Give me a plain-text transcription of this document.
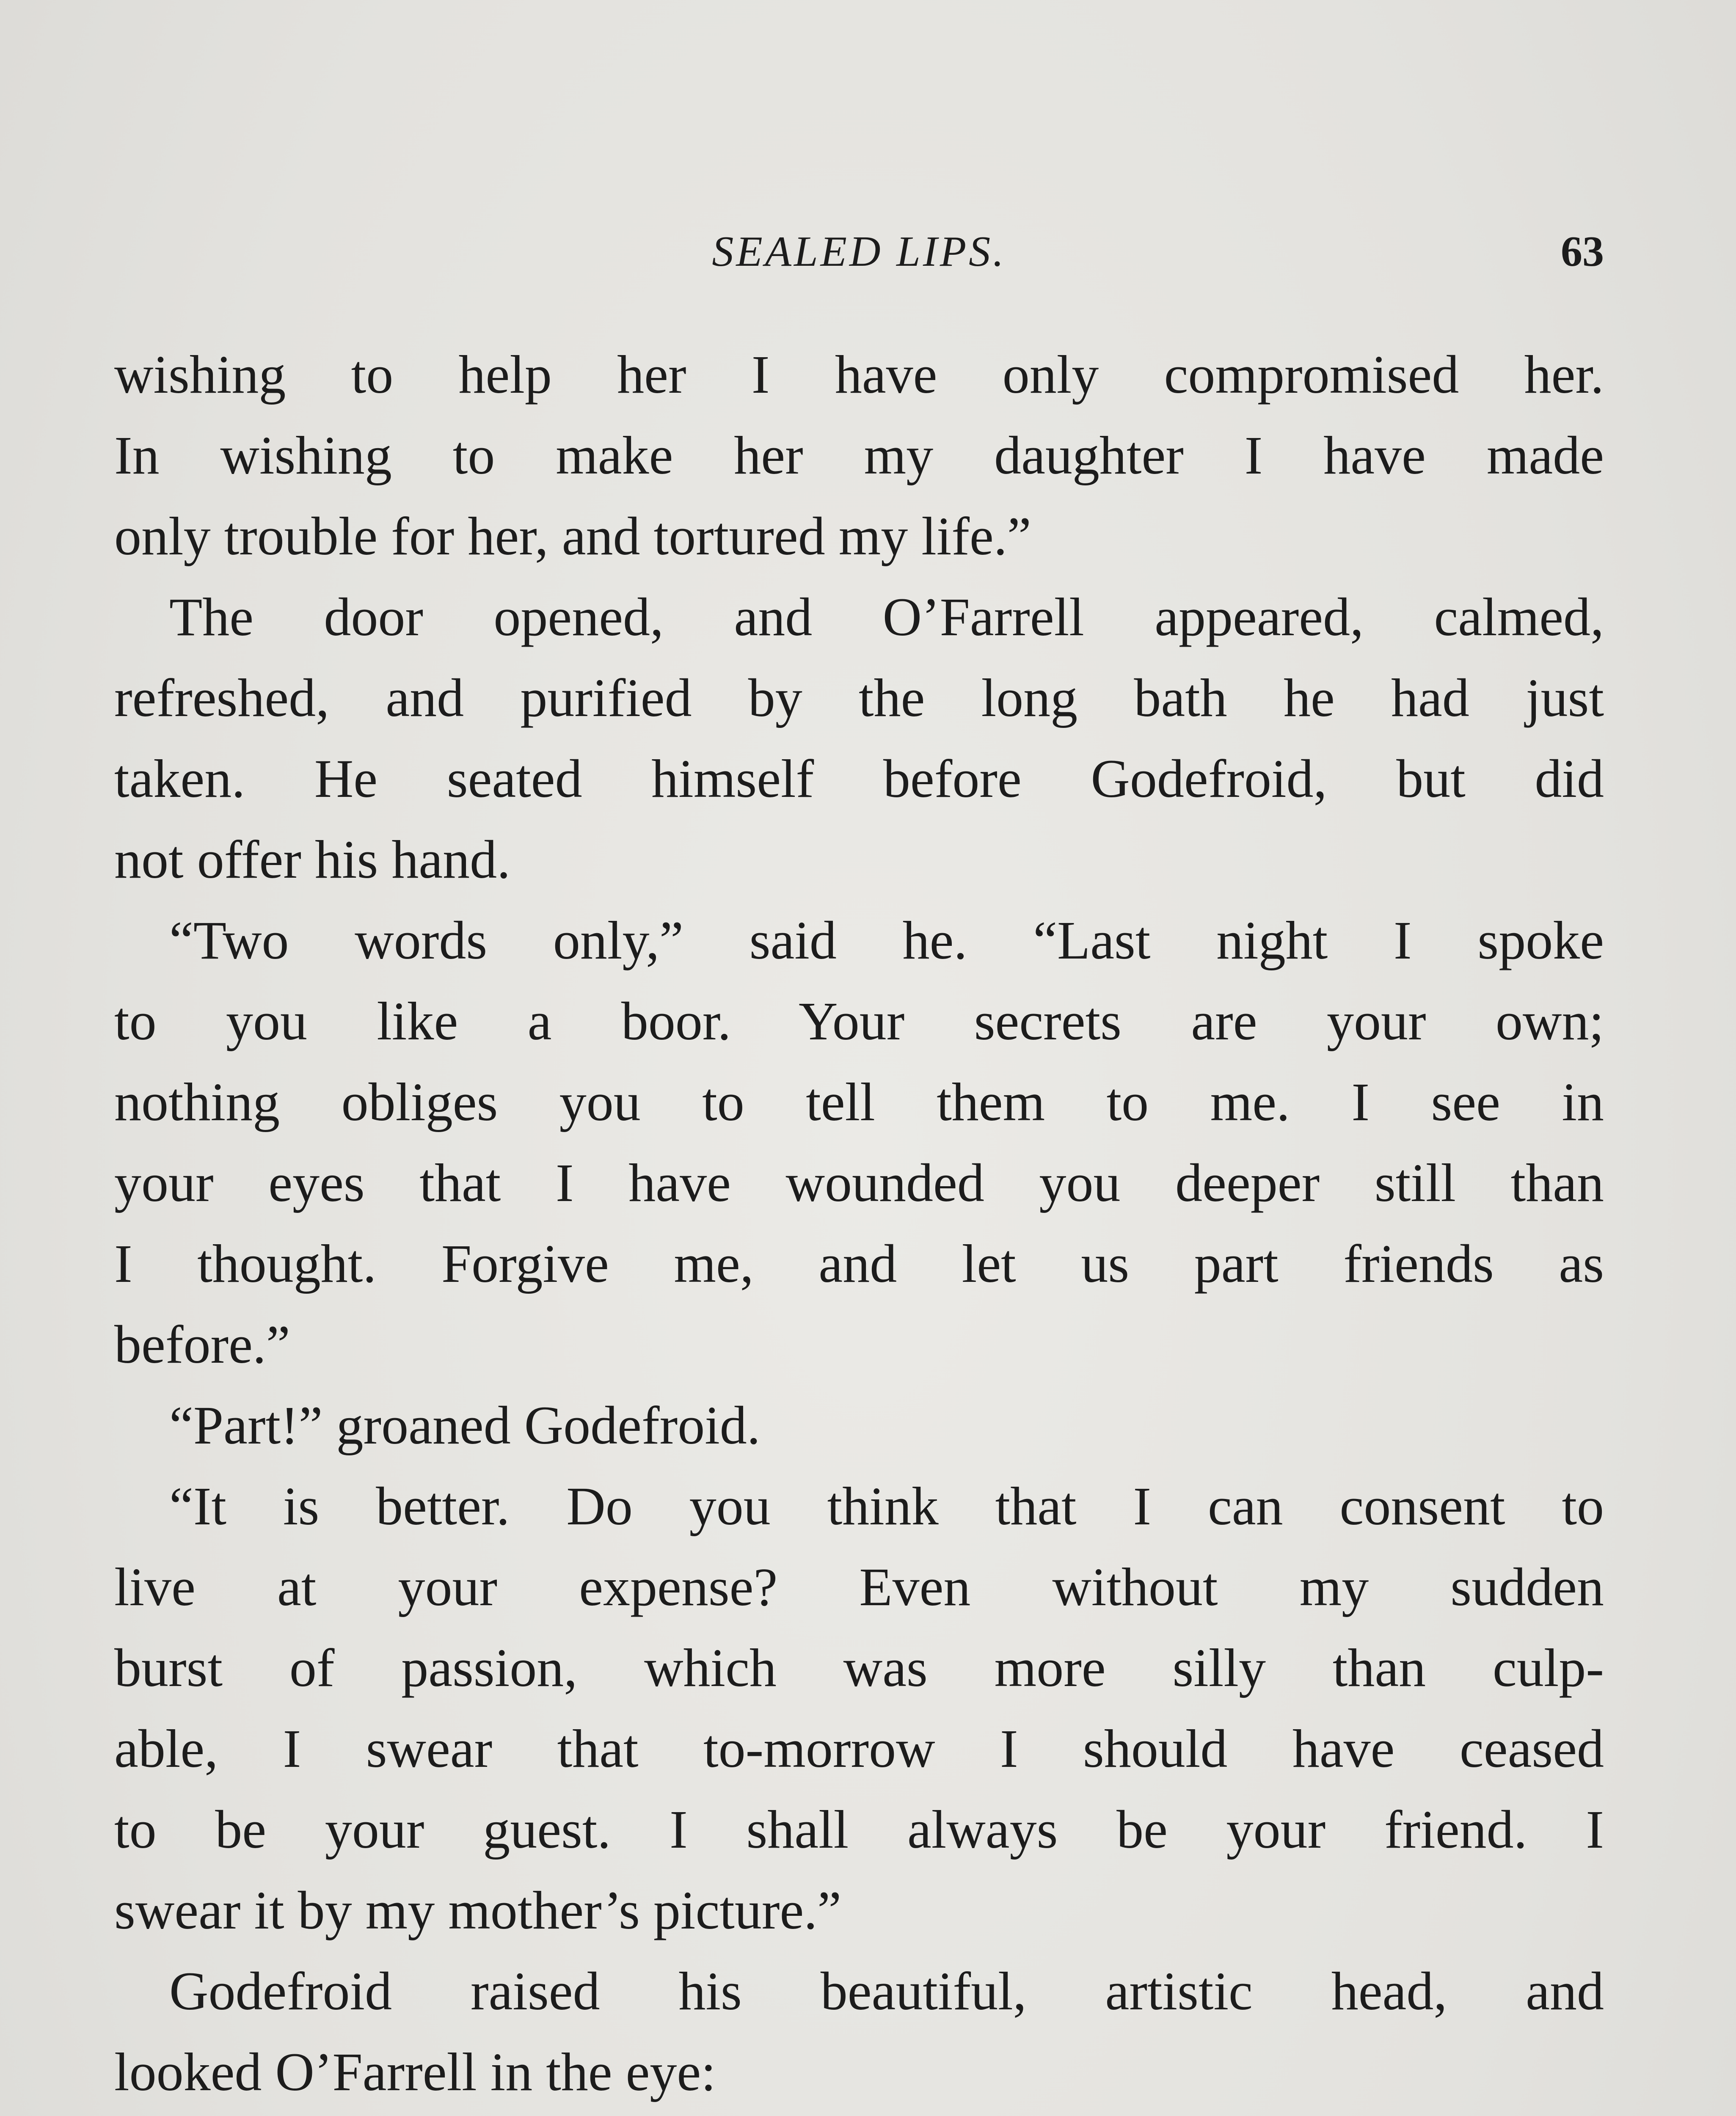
SEALED LIPS.	63
wishing to help her I have only compromised her.
In wishing to make her my daughter I have made
only trouble for her, and tortured my life.”
The door opened, and O’Farrell appeared, calmed,
refreshed, and purified by the long bath he had just
taken. He seated himself before Godefroid, but did
not offer his hand.
“Two words only,” said he. “Last night I spoke
to you like a boor. Your secrets are your own;
nothing obliges you to tell them to me. I see in
your eyes that I have wounded you deeper still than
I thought. Forgive me, and let us part friends as
before.”
“Part!” groaned Godefroid.
“It is better. Do you think that I can consent to
live at your expense? Even without my sudden
burst of passion, which was more silly than culp-
able, I swear that to-morrow I should have ceased
to be your guest. I shall always be your friend. I
swear it by my mother’s picture.”
Godefroid raised his beautiful, artistic head, and
looked O’Farrell in the eye:
